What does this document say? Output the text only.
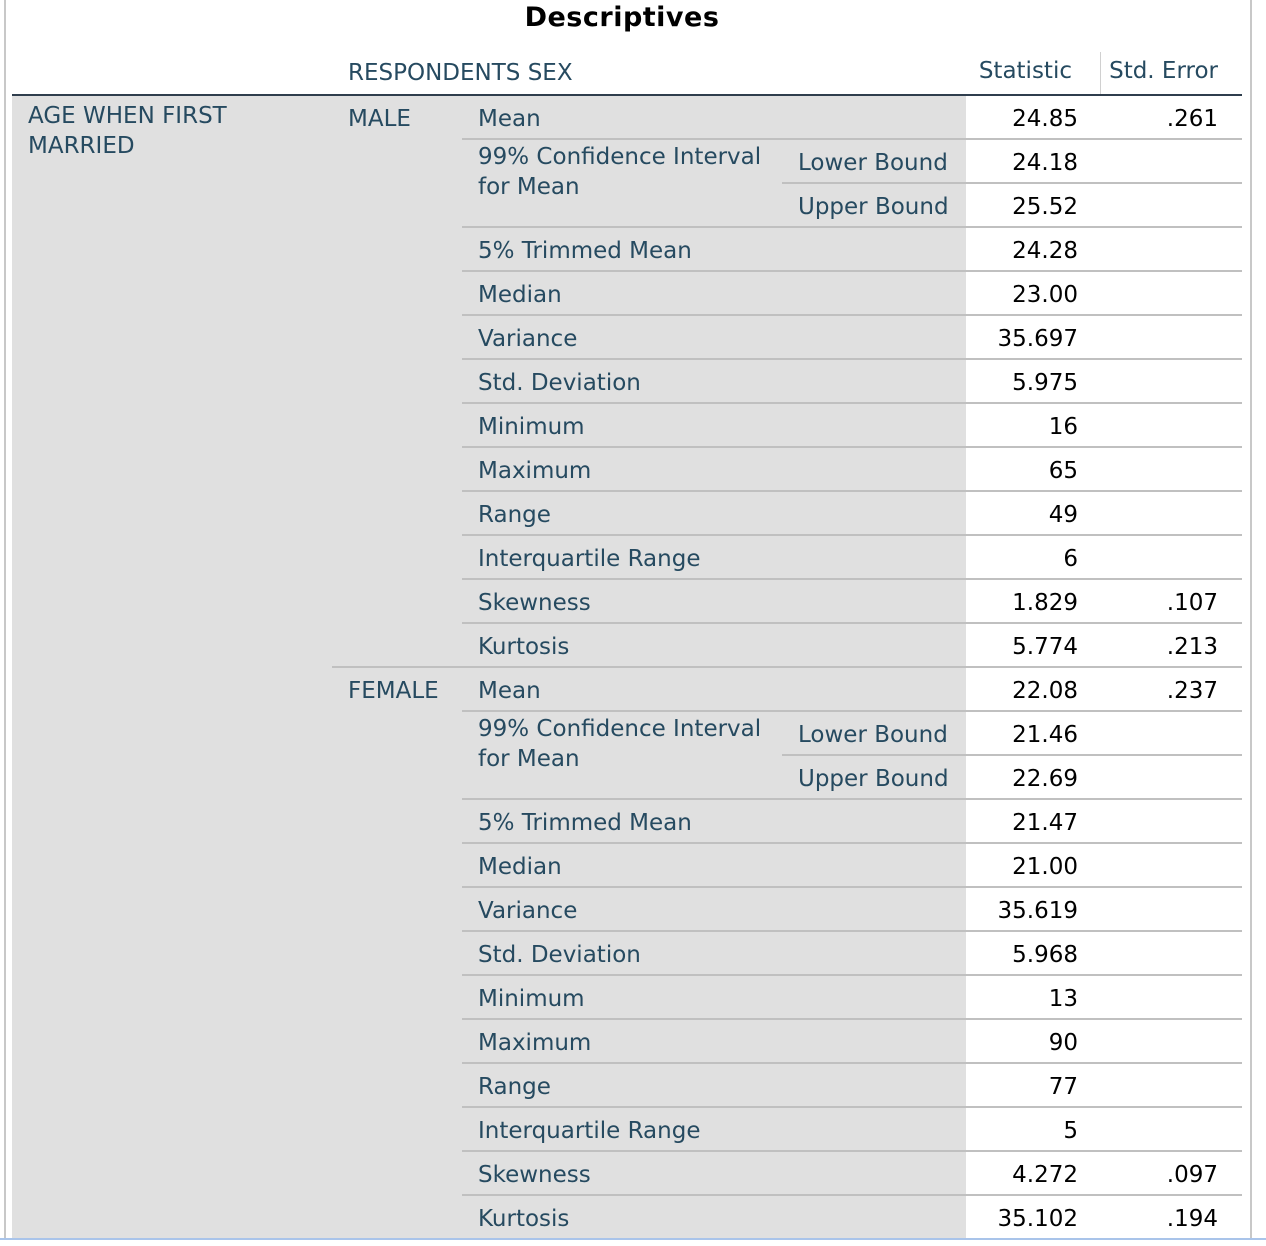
Descriptives
RESPONDENTS SEX	Statistic	Std. Error
AGE WHEN FIRST
MARRIED
MALE	Mean	24.85	.261
99% Confidence Interval
for Mean
Lower Bound	24.18
Upper Bound	25.52
5% Trimmed Mean	24.28
Median	23.00
Variance	35.697
Std. Deviation	5.975
Minimum	16
Maximum	65
Range	49
Interquartile Range	6
Skewness	1.829	.107
Kurtosis	5.774	.213
FEMALE Mean	22.08	.237
99% Confidence Interval
for Mean
Lower Bound	21.46
Upper Bound	22.69
5% Trimmed Mean	21.47
Median	21.00
Variance	35.619
Std. Deviation	5.968
Minimum	13
Maximum	90
Range	77
Interquartile Range	5
Skewness	4.272	.097
Kurtosis	35.102	.194
